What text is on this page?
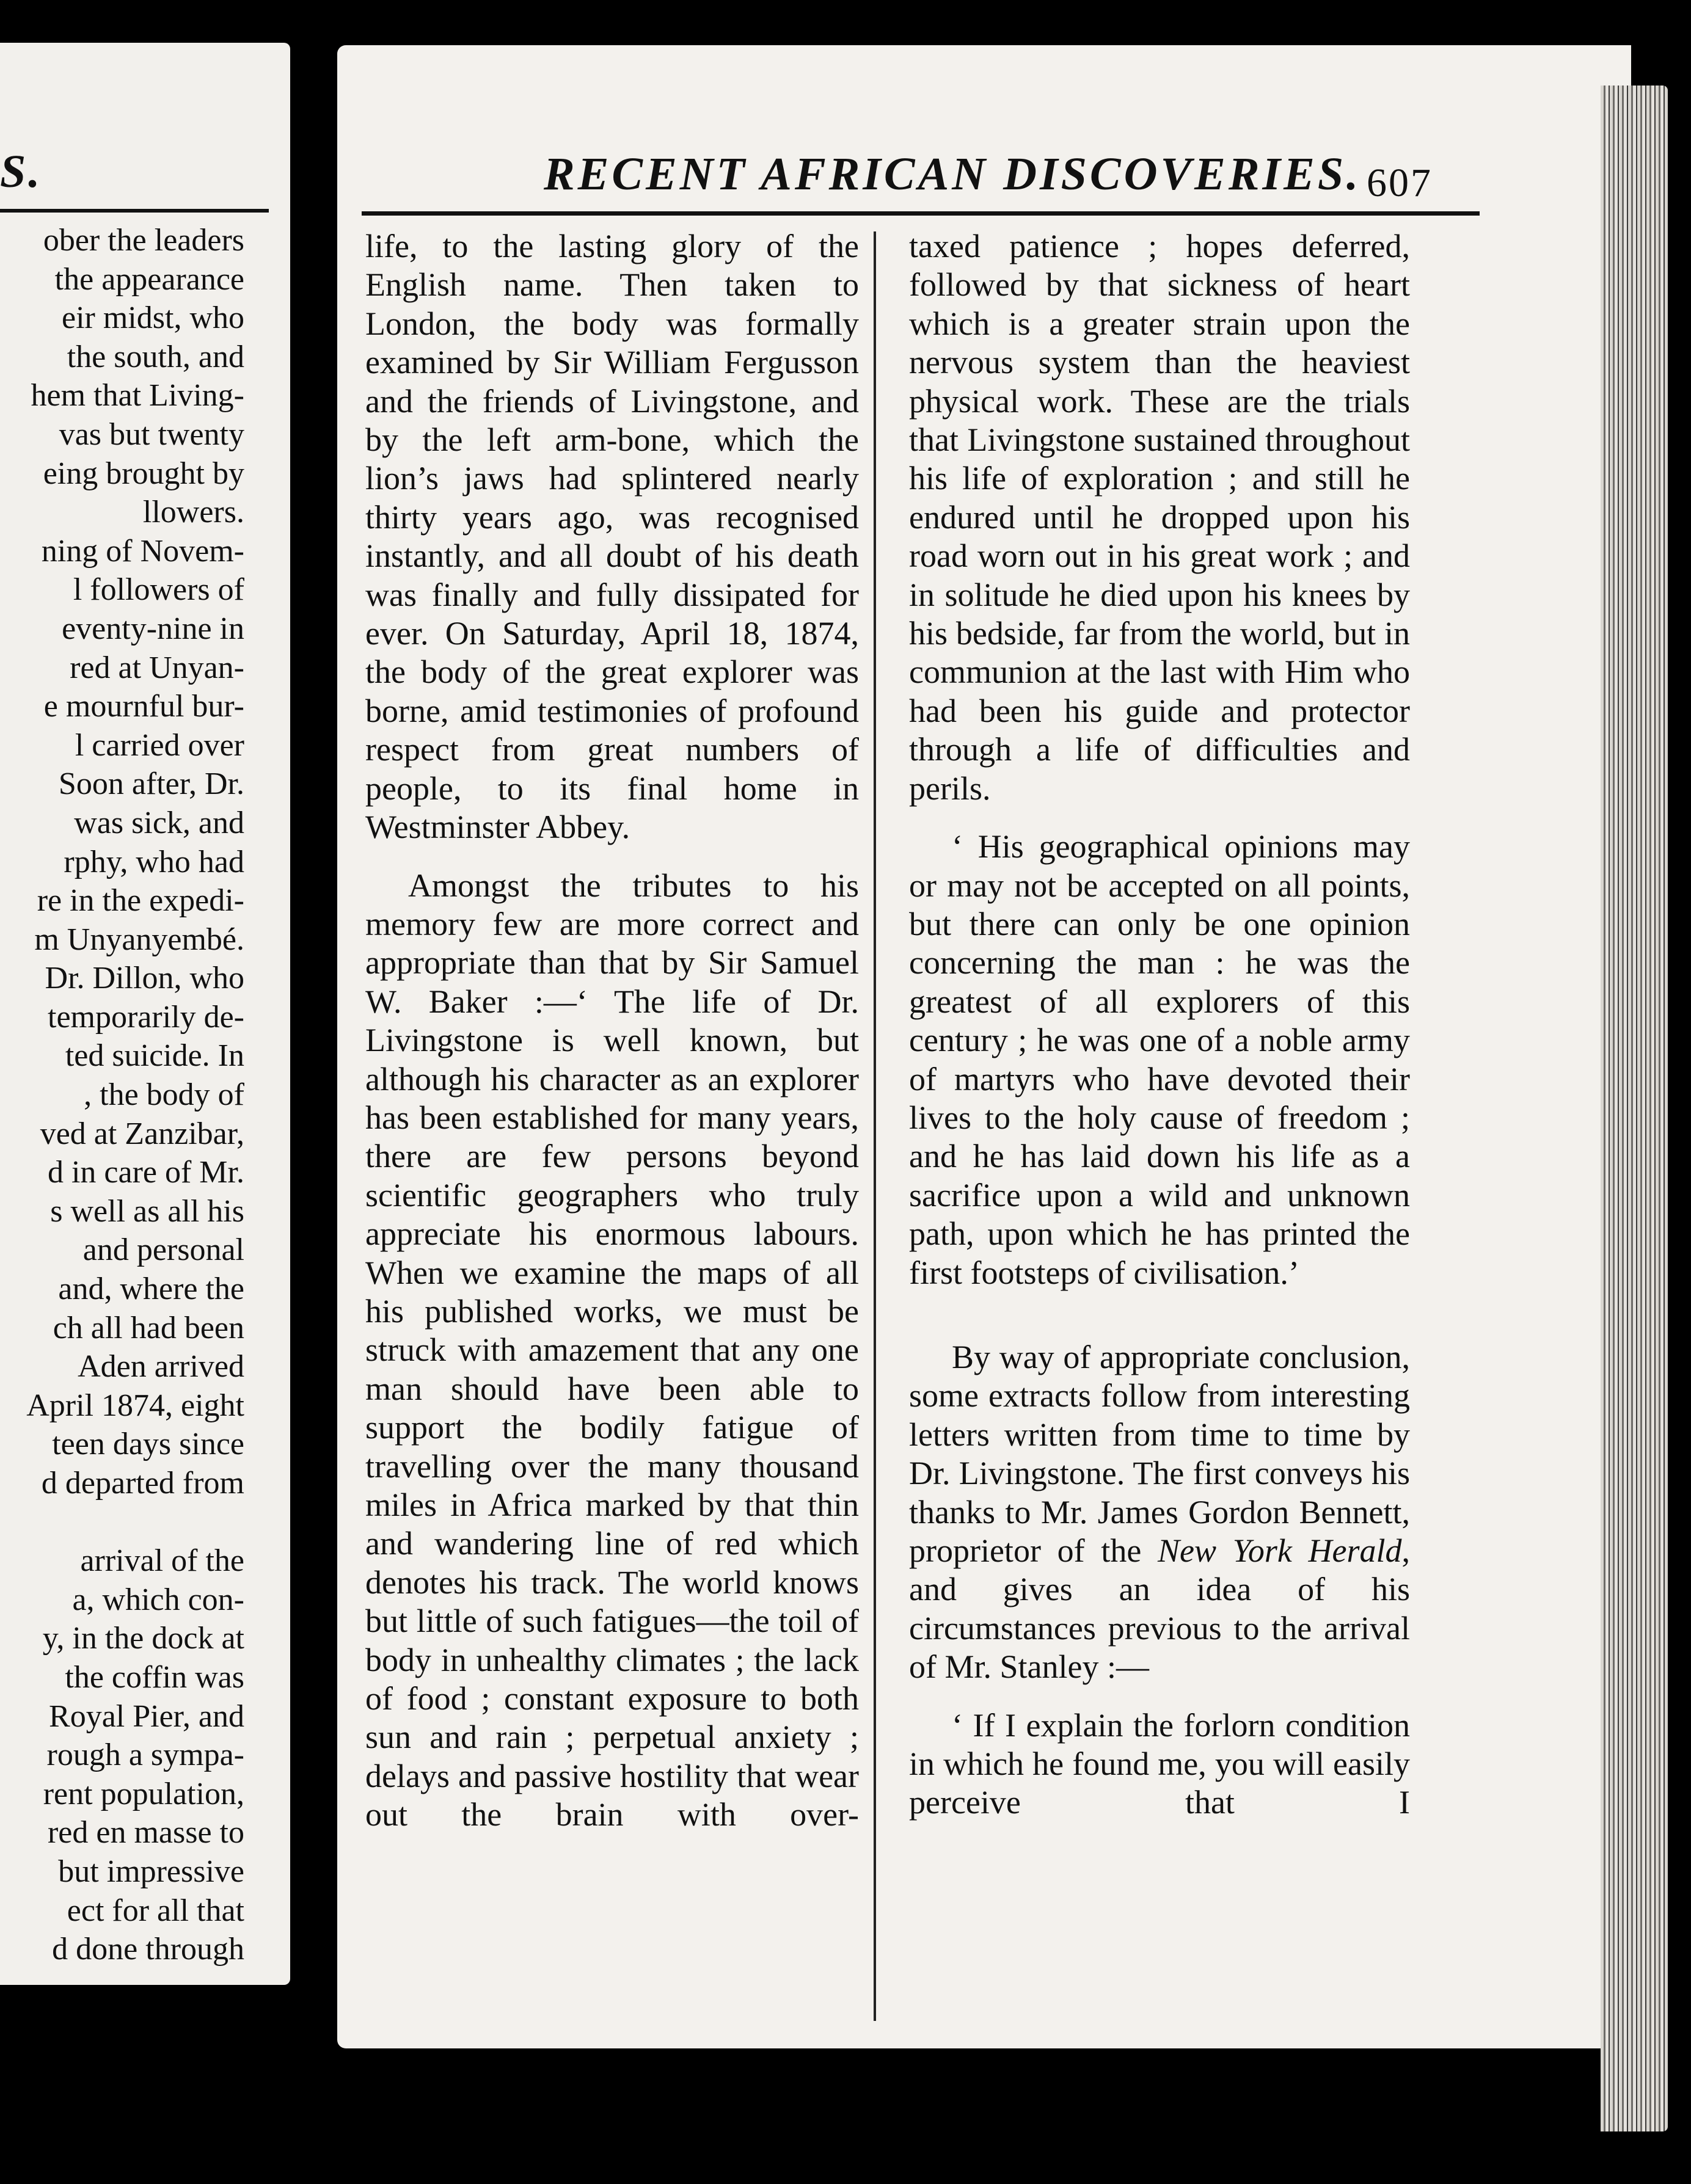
S.
ober the leaders
the appearance
eir midst, who
the south, and
hem that Living-
vas but twenty
eing brought by
llowers.
ning of Novem-
l followers of
eventy-nine in
red at Unyan-
e mournful bur-
l carried over
Soon after, Dr.
was sick, and
rphy, who had
re in the expedi-
m Unyanyembé.
Dr. Dillon, who
temporarily de-
ted suicide. In
, the body of
ved at Zanzibar,
d in care of Mr.
s well as all his
and personal
and, where the
ch all had been
Aden arrived
April 1874, eight
teen days since
d departed from
arrival of the
a, which con-
y, in the dock at
the coffin was
Royal Pier, and
rough a sympa-
rent population,
red en masse to
but impressive
ect for all that
d done through
RECENT AFRICAN DISCOVERIES. 607

life, to the lasting glory of the English name. Then taken to London, the body was formally examined by Sir William Fergusson and the friends of Livingstone, and by the left arm-bone, which the lion’s jaws had splintered nearly thirty years ago, was recognised instantly, and all doubt of his death was finally and fully dissipated for ever. On Saturday, April 18, 1874, the body of the great explorer was borne, amid testimonies of profound respect from great numbers of people, to its final home in Westminster Abbey.

Amongst the tributes to his memory few are more correct and appropriate than that by Sir Samuel W. Baker :—‘ The life of Dr. Livingstone is well known, but although his character as an explorer has been established for many years, there are few persons beyond scientific geographers who truly appreciate his enormous labours. When we examine the maps of all his published works, we must be struck with amazement that any one man should have been able to support the bodily fatigue of travelling over the many thousand miles in Africa marked by that thin and wandering line of red which denotes his track. The world knows but little of such fatigues—the toil of body in unhealthy climates ; the lack of food ; constant exposure to both sun and rain ; perpetual anxiety ; delays and passive hostility that wear out the brain with over-

taxed patience ; hopes deferred, followed by that sickness of heart which is a greater strain upon the nervous system than the heaviest physical work. These are the trials that Livingstone sustained throughout his life of exploration ; and still he endured until he dropped upon his road worn out in his great work ; and in solitude he died upon his knees by his bedside, far from the world, but in communion at the last with Him who had been his guide and protector through a life of difficulties and perils.

‘ His geographical opinions may or may not be accepted on all points, but there can only be one opinion concerning the man : he was the greatest of all explorers of this century ; he was one of a noble army of martyrs who have devoted their lives to the holy cause of freedom ; and he has laid down his life as a sacrifice upon a wild and unknown path, upon which he has printed the first footsteps of civilisation.’

By way of appropriate conclusion, some extracts follow from interesting letters written from time to time by Dr. Livingstone. The first conveys his thanks to Mr. James Gordon Bennett, proprietor of the New York Herald, and gives an idea of his circumstances previous to the arrival of Mr. Stanley :—

‘ If I explain the forlorn condition in which he found me, you will easily perceive that I
